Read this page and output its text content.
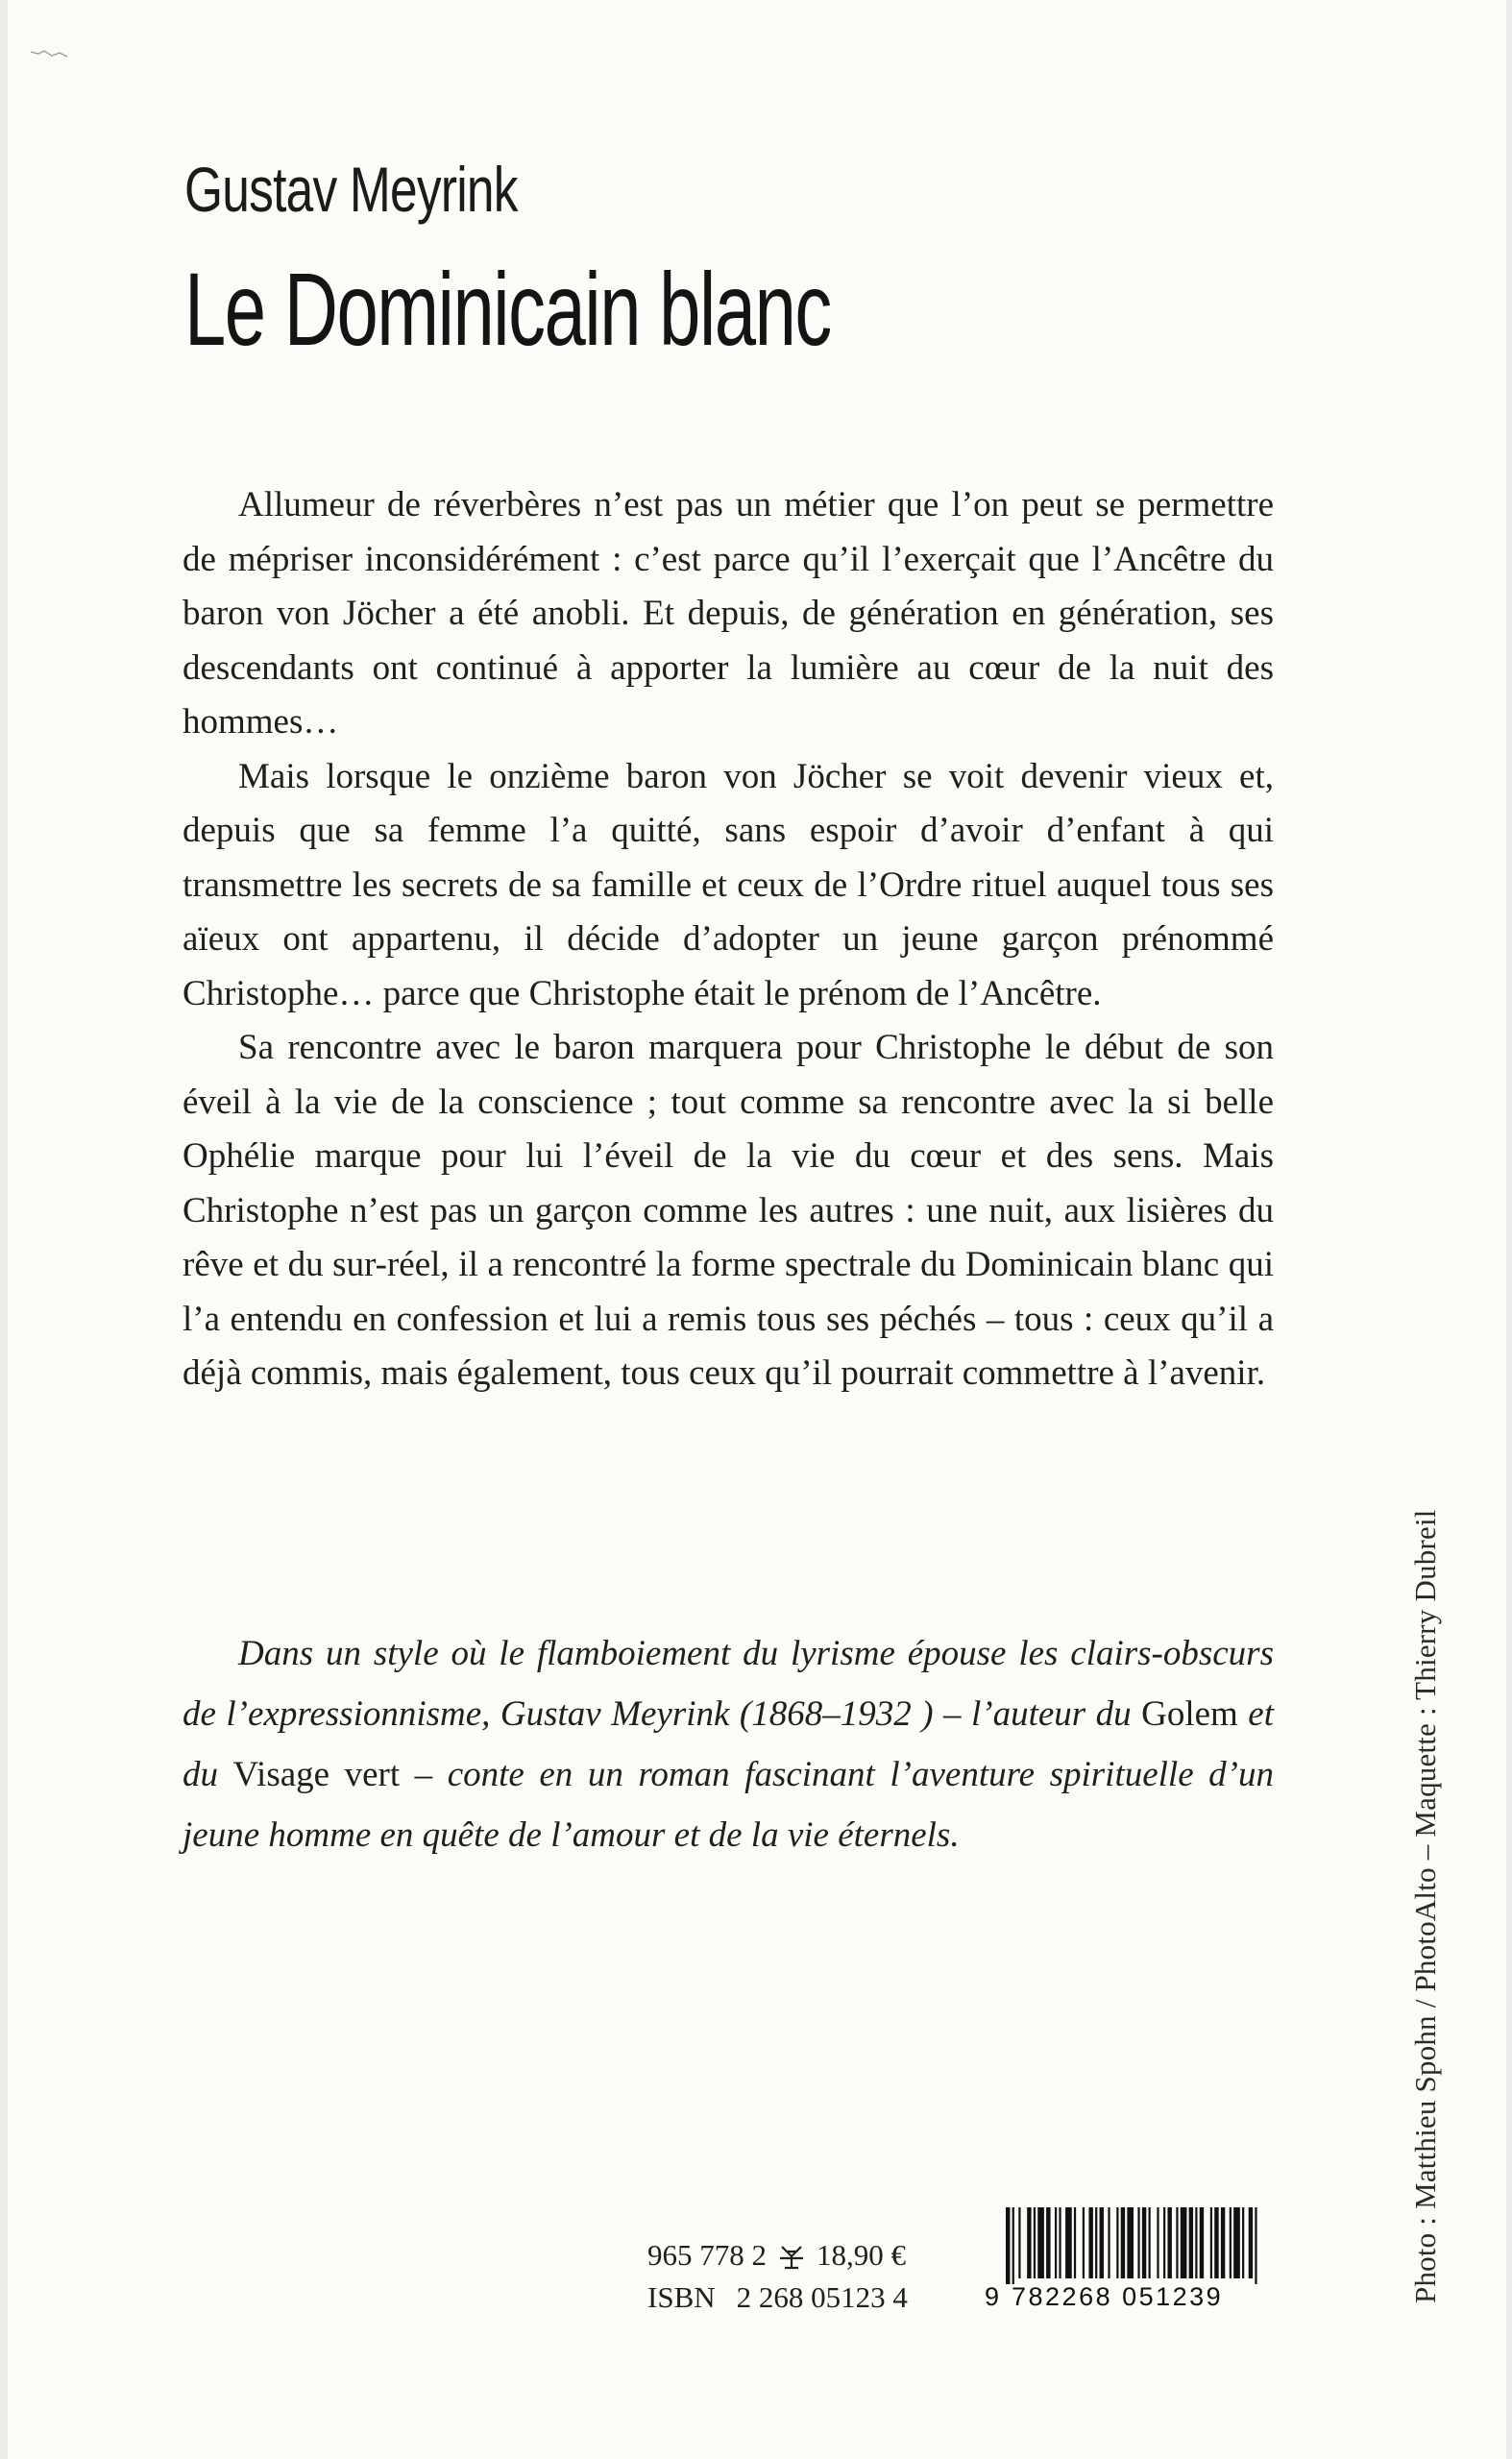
Gustav Meyrink
Le Dominicain blanc

Allumeur de réverbères n’est pas un métier que l’on peut se permettre de mépriser inconsidérément : c’est parce qu’il l’exerçait que l’Ancêtre du baron von Jöcher a été anobli. Et depuis, de génération en génération, ses descendants ont continué à apporter la lumière au cœur de la nuit des hommes…

Mais lorsque le onzième baron von Jöcher se voit devenir vieux et, depuis que sa femme l’a quitté, sans espoir d’avoir d’enfant à qui transmettre les secrets de sa famille et ceux de l’Ordre rituel auquel tous ses aïeux ont appartenu, il décide d’adopter un jeune garçon prénommé Christophe… parce que Christophe était le prénom de l’Ancêtre.

Sa rencontre avec le baron marquera pour Christophe le début de son éveil à la vie de la conscience ; tout comme sa rencontre avec la si belle Ophélie marque pour lui l’éveil de la vie du cœur et des sens. Mais Christophe n’est pas un garçon comme les autres : une nuit, aux lisières du rêve et du sur-réel, il a rencontré la forme spectrale du Dominicain blanc qui l’a entendu en confession et lui a remis tous ses péchés – tous : ceux qu’il a déjà commis, mais également, tous ceux qu’il pourrait commettre à l’avenir.

Dans un style où le flamboiement du lyrisme épouse les clairs-obscurs de l’expressionnisme, Gustav Meyrink (1868–1932 ) – l’auteur du Golem et du Visage vert – conte en un roman fascinant l’aventure spirituelle d’un jeune homme en quête de l’amour et de la vie éternels.	Photo : Matthieu Spohn / PhotoAlto – Maquette : Thierry Dubreil
965 778 2 18,90 €
ISBN 2 268 05123 4	9 782268 051239
